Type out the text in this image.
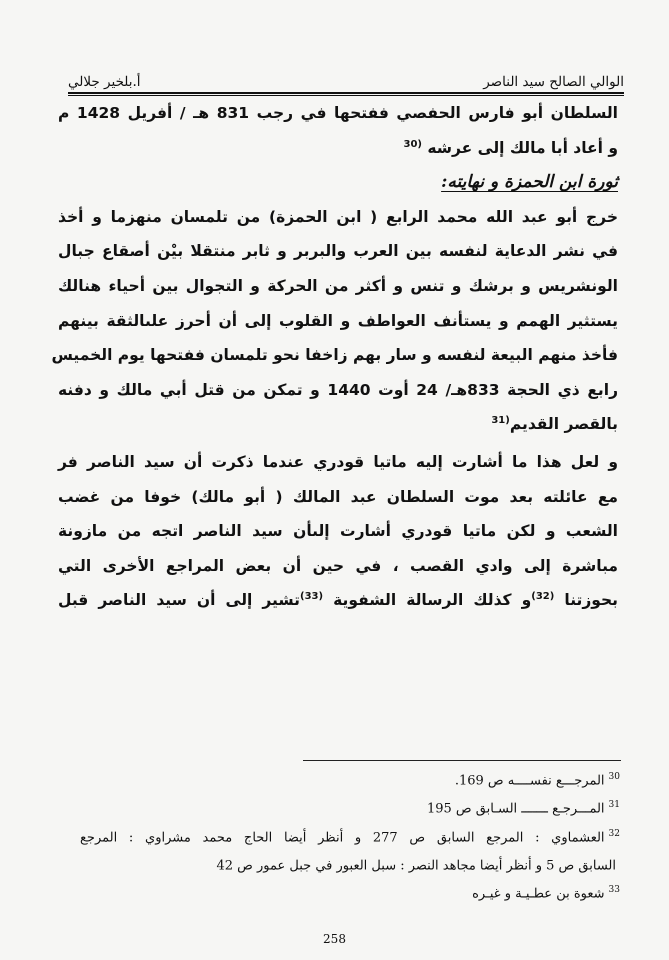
الوالي الصالح سيد الناصر
أ.بلخير جلالي
السلطان أبو فارس الحفصي ففتحها في رجب 831 هـ / أفريل 1428 م
و أعاد أبا مالك إلى عرشه $^{(30}$
ثورة ابن الحمزة و نهايته:
خرج أبو عبد الله محمد الرابع ( ابن الحمزة) من تلمسان منهزما و أخذ
في نشر الدعاية لنفسه بين العرب والبربر و ثابر منتقلا بيْن أصقاع جبال
الونشريس و برشك و تنس و أكثر من الحركة و التجوال بين أحياء هنالك
يستثير الهمم و يستأنف العواطف و القلوب إلى أن أحرز علىالثقة بينهم
فأخذ منهم البيعة لنفسه و سار بهم زاخفا نحو تلمسان ففتحها يوم الخميس
رابع ذي الحجة 833هـ/ 24 أوت 1440 و تمكن من قتل أبي مالك و دفنه
بالقصر القديم$^{(31}$
و لعل هذا ما أشارت إليه ماتيا قودري عندما ذكرت أن سيد الناصر فر
مع عائلته بعد موت السلطان عبد المالك ( أبو مالك) خوفا من غضب
الشعب و لكن ماتيا قودري أشارت إلىأن سيد الناصر اتجه من مازونة
مباشرة إلى وادي القصب ، في حين أن بعض المراجع الأخرى التي
بحوزتنا $^{(32)}$و كذلك الرسالة الشفوية $^{(33)}$تشير إلى أن سيد الناصر قبل
$^{30}$المرجـــع نفســــه ص 169.
$^{31}$المـــرجـع ـــــــ السـابق ص 195
$^{32}$العشماوي : المرجع السابق ص 277 و أنظر أيضا الحاج محمد مشراوي : المرجع
السابق ص 5 و أنظر أيضا مجاهد النصر : سبل العبور في جبل عمور ص 42
$^{33}$شعوة بن عطـيـة و غيـره
258
